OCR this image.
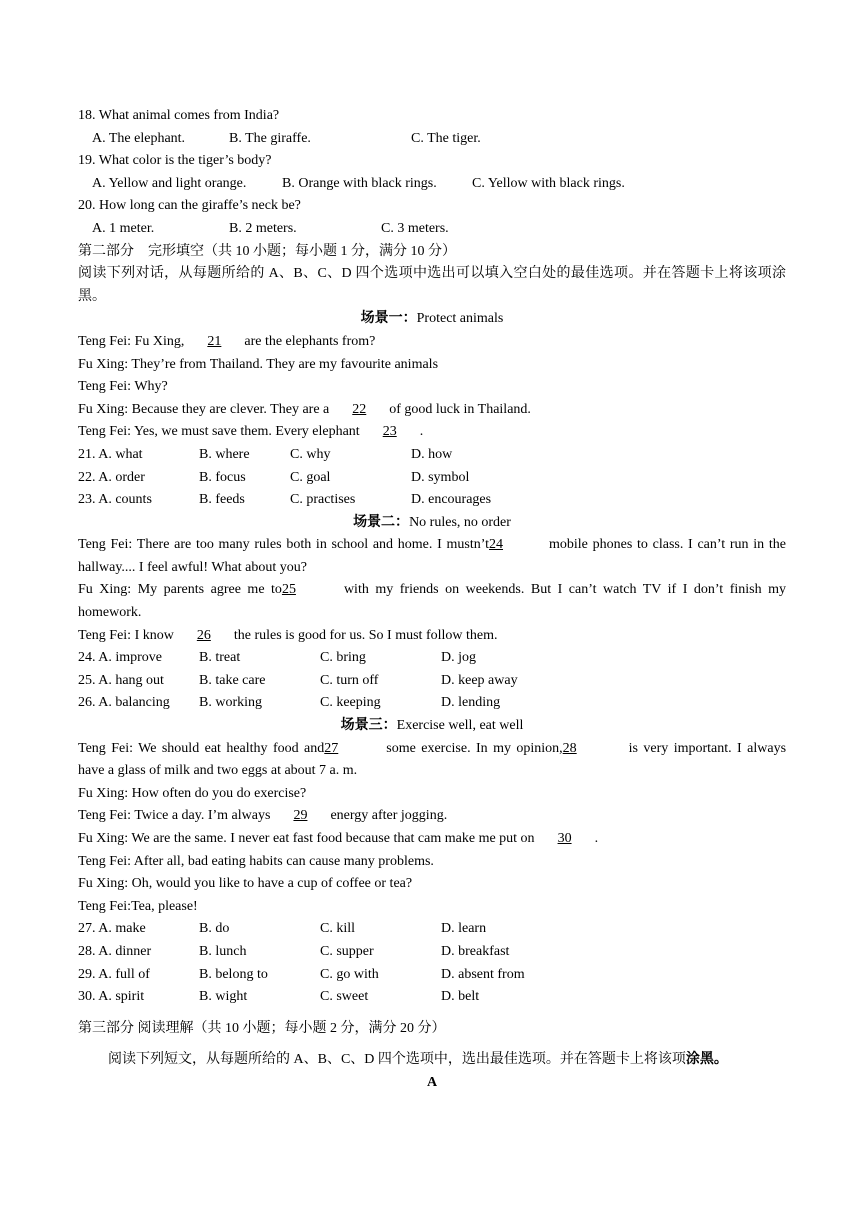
18. What animal comes from India?
A. The elephant.	B. The giraffe.	C. The tiger.
19. What color is the tiger’s body?
A. Yellow and light orange.	B. Orange with black rings.	C. Yellow with black rings.
20. How long can the giraffe’s neck be?
A. 1 meter.	B. 2 meters.	C. 3 meters.
第二部分　完形填空（共 10 小题；每小题 1 分，满分 10 分）
阅读下列对话，从每题所给的 A、B、C、D 四个选项中选出可以填入空白处的最佳选项。并在答题卡上将该项涂黑。
场景一：Protect animals
Teng Fei: Fu Xing, 21 are the elephants from?
Fu Xing: They’re from Thailand. They are my favourite animals
Teng Fei: Why?
Fu Xing: Because they are clever. They are a 22 of good luck in Thailand.
Teng Fei: Yes, we must save them. Every elephant 23 .
21. A. what	B. where	C. why	D. how
22. A. order	B. focus	C. goal	D. symbol
23. A. counts	B. feeds	C. practises	D. encourages
场景二：No rules, no order
Teng Fei: There are too many rules both in school and home. I mustn’t24	mobile phones to class. I can’t run in the hallway.... I feel awful! What about you?
Fu Xing: My parents agree me to25	with my friends on weekends. But I can’t watch TV if I don’t finish my homework.
Teng Fei: I know 26 the rules is good for us. So I must follow them.
24. A. improve	B. treat	C. bring	D. jog
25. A. hang out	B. take care	C. turn off	D. keep away
26. A. balancing B. working	C. keeping	D. lending
场景三：Exercise well, eat well
Teng Fei: We should eat healthy food and27	some exercise. In my opinion,28	is very important. I always have a glass of milk and two eggs at about 7 a. m.
Fu Xing: How often do you do exercise?
Teng Fei: Twice a day. I’m always 29 energy after jogging.
Fu Xing: We are the same. I never eat fast food because that cam make me put on 30 .
Teng Fei: After all, bad eating habits can cause many problems.
Fu Xing: Oh, would you like to have a cup of coffee or tea?
Teng Fei:Tea, please!
27. A. make	B. do	C. kill	D. learn
28. A. dinner	B. lunch	C. supper	D. breakfast
29. A. full of	B. belong to	C. go with	D. absent from
30. A. spirit	B. wight	C. sweet	D. belt
第三部分 阅读理解（共 10 小题；每小题 2 分，满分 20 分）
阅读下列短文，从每题所给的 A、B、C、D 四个选项中，选出最佳选项。并在答题卡上将该项涂黑。
A
